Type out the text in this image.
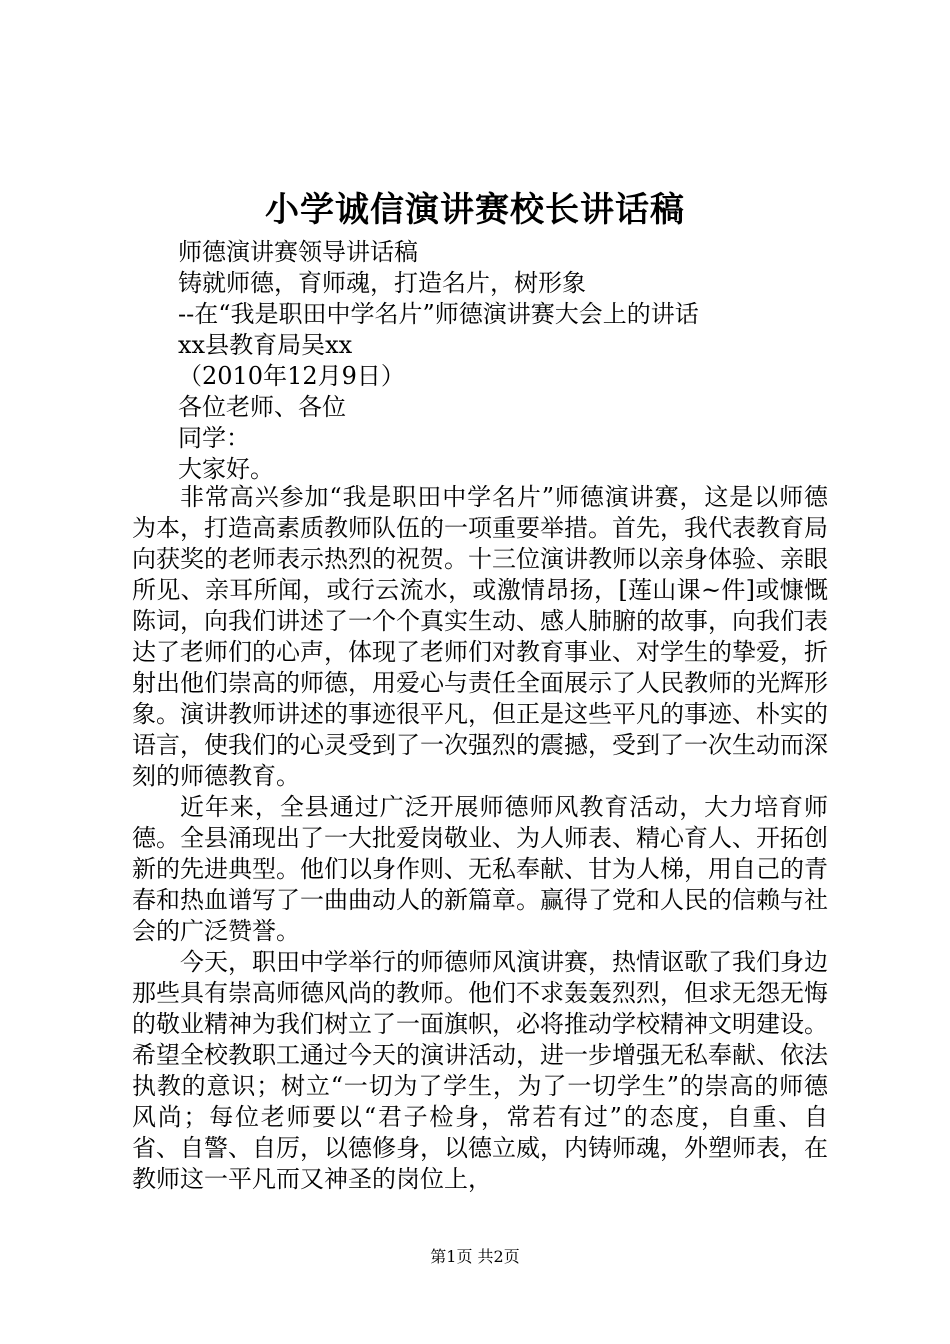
小学诚信演讲赛校长讲话稿
师德演讲赛领导讲话稿
铸就师德，育师魂，打造名片，树形象
--在“我是职田中学名片”师德演讲赛大会上的讲话
xx县教育局吴xx
（2010年12月9日）
各位老师、各位
同学：
大家好。

非常高兴参加“我是职田中学名片”师德演讲赛，这是以师德为本，打造高素质教师队伍的一项重要举措。首先，我代表教育局向获奖的老师表示热烈的祝贺。十三位演讲教师以亲身体验、亲眼所见、亲耳所闻，或行云流水，或激情昂扬，[莲山课~件]或慷慨陈词，向我们讲述了一个个真实生动、感人肺腑的故事，向我们表达了老师们的心声，体现了老师们对教育事业、对学生的挚爱，折射出他们崇高的师德，用爱心与责任全面展示了人民教师的光辉形象。演讲教师讲述的事迹很平凡，但正是这些平凡的事迹、朴实的语言，使我们的心灵受到了一次强烈的震撼，受到了一次生动而深刻的师德教育。

近年来，全县通过广泛开展师德师风教育活动，大力培育师德。全县涌现出了一大批爱岗敬业、为人师表、精心育人、开拓创新的先进典型。他们以身作则、无私奉献、甘为人梯，用自己的青春和热血谱写了一曲曲动人的新篇章。赢得了党和人民的信赖与社会的广泛赞誉。

今天，职田中学举行的师德师风演讲赛，热情讴歌了我们身边那些具有崇高师德风尚的教师。他们不求轰轰烈烈，但求无怨无悔的敬业精神为我们树立了一面旗帜，必将推动学校精神文明建设。希望全校教职工通过今天的演讲活动，进一步增强无私奉献、依法执教的意识；树立“一切为了学生，为了一切学生”的崇高的师德风尚；每位老师要以“君子检身，常若有过”的态度，自重、自省、自警、自厉，以德修身，以德立威，内铸师魂，外塑师表，在教师这一平凡而又神圣的岗位上，

第1页 共2页
